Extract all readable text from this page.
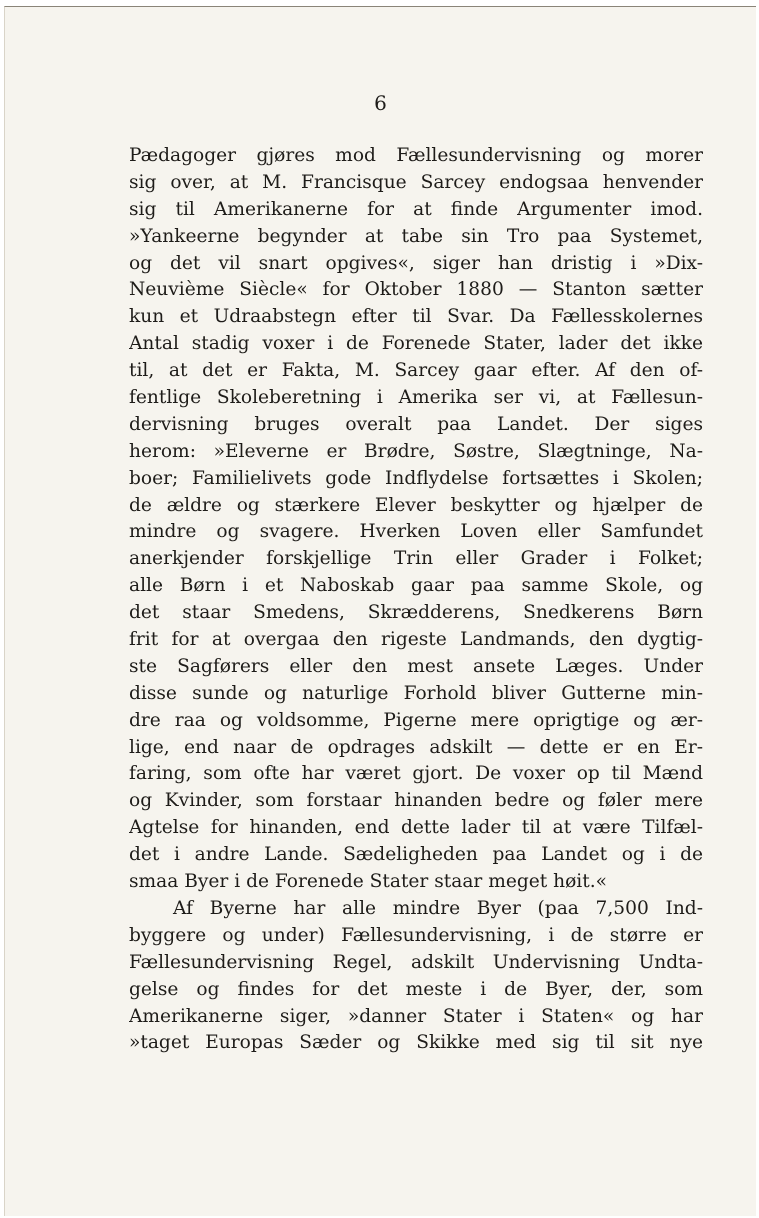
6
Pædagoger gjøres mod Fællesundervisning og morer
sig over, at M. Francisque Sarcey endogsaa henvender
sig til Amerikanerne for at finde Argumenter imod.
»Yankeerne begynder at tabe sin Tro paa Systemet,
og det vil snart opgives«, siger han dristig i »Dix-
Neuvième Siècle« for Oktober 1880 — Stanton sætter
kun et Udraabstegn efter til Svar. Da Fællesskolernes
Antal stadig voxer i de Forenede Stater, lader det ikke
til, at det er Fakta, M. Sarcey gaar efter. Af den of-
fentlige Skoleberetning i Amerika ser vi, at Fællesun-
dervisning bruges overalt paa Landet. Der siges
herom: »Eleverne er Brødre, Søstre, Slægtninge, Na-
boer; Familielivets gode Indflydelse fortsættes i Skolen;
de ældre og stærkere Elever beskytter og hjælper de
mindre og svagere. Hverken Loven eller Samfundet
anerkjender forskjellige Trin eller Grader i Folket;
alle Børn i et Naboskab gaar paa samme Skole, og
det staar Smedens, Skrædderens, Snedkerens Børn
frit for at overgaa den rigeste Landmands, den dygtig-
ste Sagførers eller den mest ansete Læges. Under
disse sunde og naturlige Forhold bliver Gutterne min-
dre raa og voldsomme, Pigerne mere oprigtige og ær-
lige, end naar de opdrages adskilt — dette er en Er-
faring, som ofte har været gjort. De voxer op til Mænd
og Kvinder, som forstaar hinanden bedre og føler mere
Agtelse for hinanden, end dette lader til at være Tilfæl-
det i andre Lande. Sædeligheden paa Landet og i de
smaa Byer i de Forenede Stater staar meget høit.«
Af Byerne har alle mindre Byer (paa 7,500 Ind-
byggere og under) Fællesundervisning, i de større er
Fællesundervisning Regel, adskilt Undervisning Undta-
gelse og findes for det meste i de Byer, der, som
Amerikanerne siger, »danner Stater i Staten« og har
»taget Europas Sæder og Skikke med sig til sit nye
